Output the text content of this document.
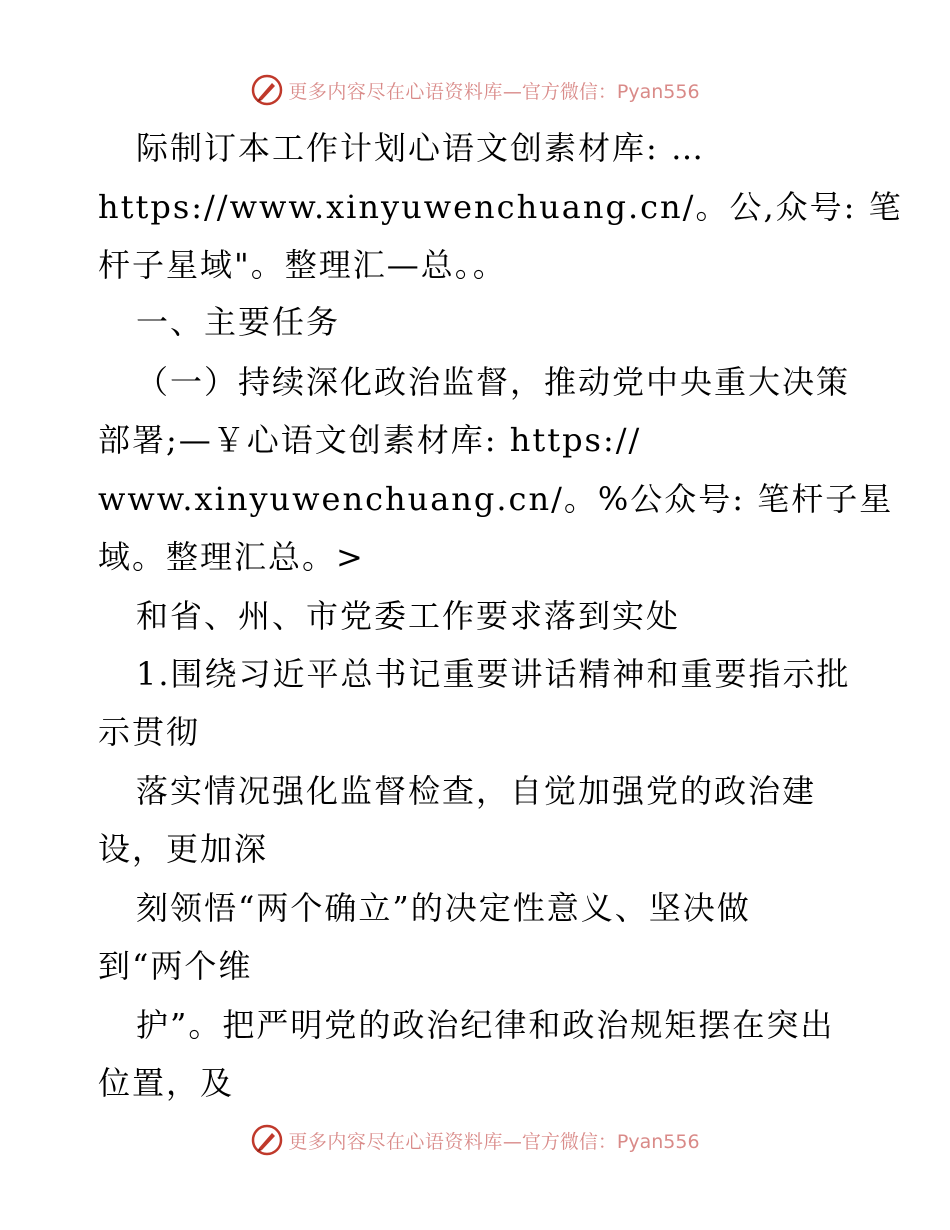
更多内容尽在心语资料库 —官方微信：Pyan556
际制订本工作计划心语文创素材库: …
https://www.xinyuwenchuang.cn/。公,众号: 笔
杆子星域"。整理汇—总。。
一、主要任务
（一）持续深化政治监督，推动党中央重大决策
部署;—￥心语文创素材库: https://
www.xinyuwenchuang.cn/。%公众号: 笔杆子星
域。整理汇总。>
和省、州、市党委工作要求落到实处
1.围绕习近平总书记重要讲话精神和重要指示批
示贯彻
落实情况强化监督检查，自觉加强党的政治建
设，更加深
刻领悟“两个确立”的决定性意义、坚决做
到“两个维
护”。把严明党的政治纪律和政治规矩摆在突出
位置，及
更多内容尽在心语资料库 —官方微信：Pyan556
